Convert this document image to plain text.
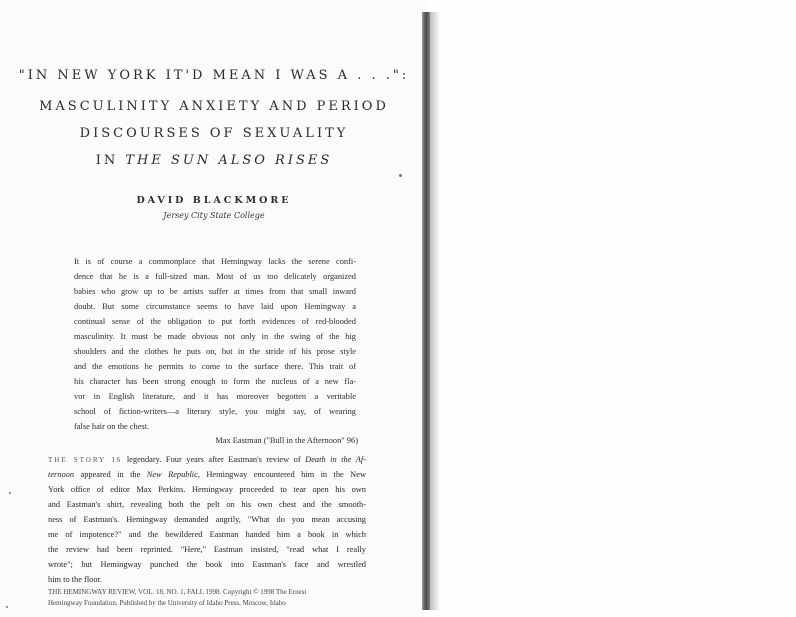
"IN NEW YORK IT'D MEAN I WAS A . . .":
MASCULINITY ANXIETY AND PERIOD
DISCOURSES OF SEXUALITY
IN THE SUN ALSO RISES
DAVID BLACKMORE
Jersey City State College
It is of course a commonplace that Hemingway lacks the serene confi-
dence that he is a full-sized man. Most of us too delicately organized
babies who grow up to be artists suffer at times from that small inward
doubt. But some circumstance seems to have laid upon Hemingway a
continual sense of the obligation to put forth evidences of red-blooded
masculinity. It must be made obvious not only in the swing of the big
shoulders and the clothes he puts on, but in the stride of his prose style
and the emotions he permits to come to the surface there. This trait of
his character has been strong enough to form the nucleus of a new fla-
vor in English literature, and it has moreover begotten a veritable
school of fiction-writers—a literary style, you might say, of wearing
false hair on the chest.
Max Eastman ("Bull in the Afternoon" 96)
THE STORY IS legendary. Four years after Eastman's review of Death in the Af-
ternoon appeared in the New Republic, Hemingway encountered him in the New
York office of editor Max Perkins. Hemingway proceeded to tear open his own
and Eastman's shirt, revealing both the pelt on his own chest and the smooth-
ness of Eastman's. Hemingway demanded angrily, "What do you mean accusing
me of impotence?" and the bewildered Eastman handed him a book in which
the review had been reprinted. "Here," Eastman insisted, "read what I really
wrote"; but Hemingway punched the book into Eastman's face and wrestled
him to the floor.
THE HEMINGWAY REVIEW, VOL. 18, NO. 1, FALL 1998. Copyright © 1998 The Ernest
Hemingway Foundation. Published by the University of Idaho Press, Moscow, Idaho
